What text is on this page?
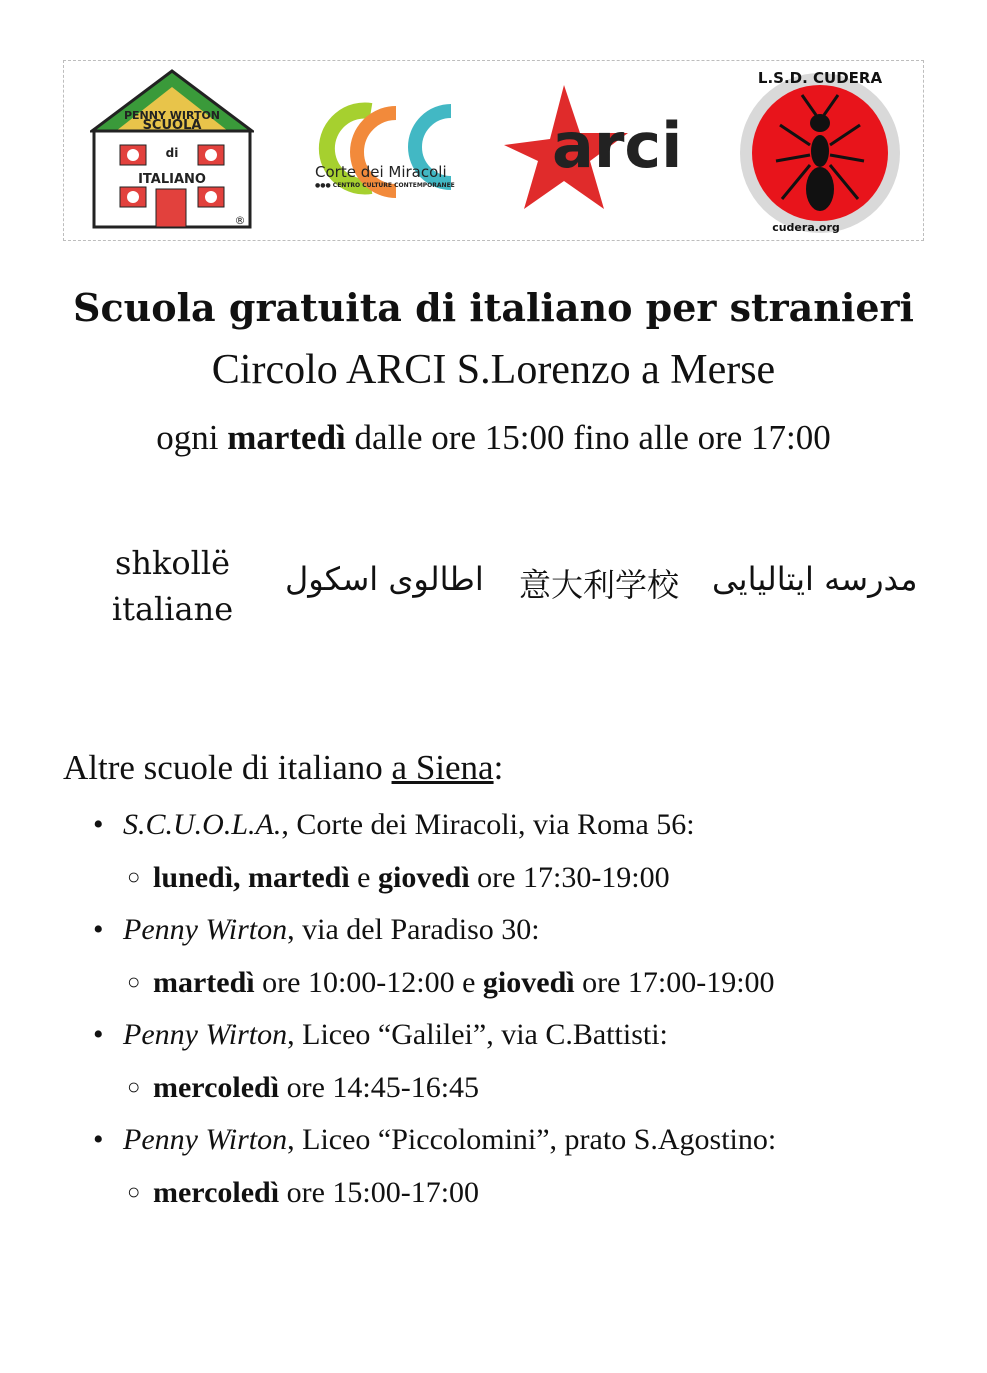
PENNY WIRTON
SCUOLA
di
ITALIANO
®
Corte dei Miracoli
●●● CENTRO CULTURE CONTEMPORANEE
arci
L.S.D. CUDERA
cudera.org
Scuola gratuita di italiano per stranieri
Circolo ARCI S.Lorenzo a Merse
ogni martedì dalle ore 15:00 fino alle ore 17:00
shkollë
italiane
اطالوی اسکول 意大利学校 مدرسه ایتالیایی
Altre scuole di italiano a Siena:
• S.C.U.O.L.A., Corte dei Miracoli, via Roma 56:
○ lunedì, martedì e giovedì ore 17:30-19:00
• Penny Wirton, via del Paradiso 30:
○ martedì ore 10:00-12:00 e giovedì ore 17:00-19:00
• Penny Wirton, Liceo “Galilei”, via C.Battisti:
○ mercoledì ore 14:45-16:45
• Penny Wirton, Liceo “Piccolomini”, prato S.Agostino:
○ mercoledì ore 15:00-17:00
